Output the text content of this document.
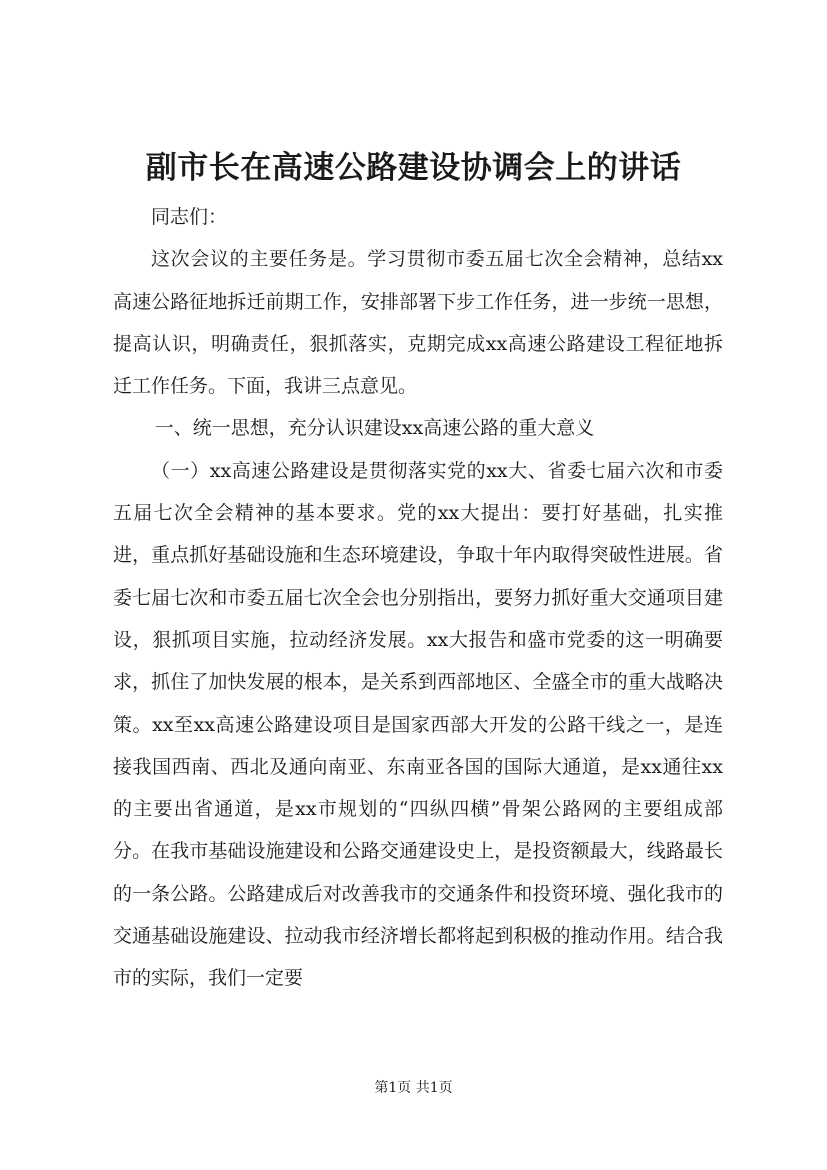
副市长在高速公路建设协调会上的讲话

同志们：

这次会议的主要任务是。学习贯彻市委五届七次全会精神，总结xx高速公路征地拆迁前期工作，安排部署下步工作任务，进一步统一思想，提高认识，明确责任，狠抓落实，克期完成xx高速公路建设工程征地拆迁工作任务。下面，我讲三点意见。

一、统一思想，充分认识建设xx高速公路的重大意义

（一）xx高速公路建设是贯彻落实党的xx大、省委七届六次和市委五届七次全会精神的基本要求。党的xx大提出：要打好基础，扎实推进，重点抓好基础设施和生态环境建设，争取十年内取得突破性进展。省委七届七次和市委五届七次全会也分别指出，要努力抓好重大交通项目建设，狠抓项目实施，拉动经济发展。xx大报告和盛市党委的这一明确要求，抓住了加快发展的根本，是关系到西部地区、全盛全市的重大战略决策。xx至xx高速公路建设项目是国家西部大开发的公路干线之一，是连接我国西南、西北及通向南亚、东南亚各国的国际大通道，是xx通往xx的主要出省通道，是xx市规划的“四纵四横”骨架公路网的主要组成部分。在我市基础设施建设和公路交通建设史上，是投资额最大，线路最长的一条公路。公路建成后对改善我市的交通条件和投资环境、强化我市的交通基础设施建设、拉动我市经济增长都将起到积极的推动作用。结合我市的实际，我们一定要

第1页 共1页
